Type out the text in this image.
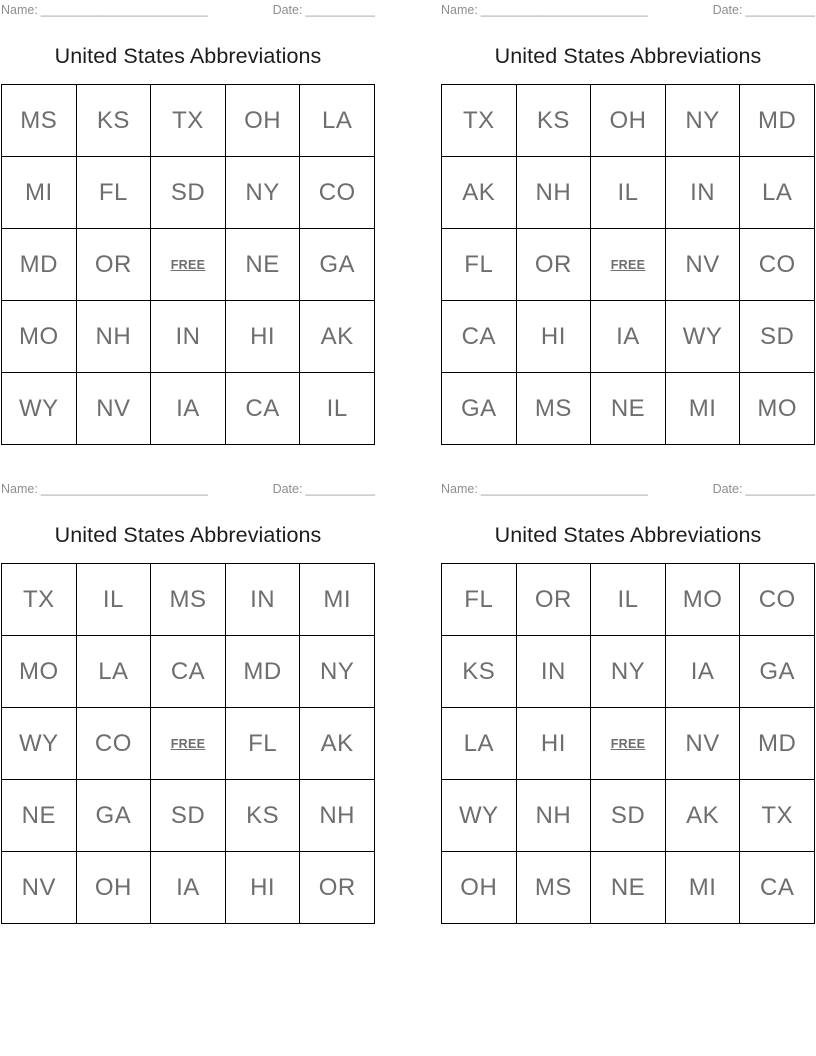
Name: ________________________	Date: __________
United States Abbreviations
MS	KS	TX	OH	LA
MI	FL	SD	NY	CO
MD	OR	FREE	NE	GA
MO	NH	IN	HI	AK
WY	NV	IA	CA	IL
Name: ________________________	Date: __________
United States Abbreviations
TX	KS	OH	NY	MD
AK	NH	IL	IN	LA
FL	OR	FREE	NV	CO
CA	HI	IA	WY	SD
GA	MS	NE	MI	MO
Name: ________________________	Date: __________
United States Abbreviations
TX	IL	MS	IN	MI
MO	LA	CA	MD	NY
WY	CO	FREE	FL	AK
NE	GA	SD	KS	NH
NV	OH	IA	HI	OR
Name: ________________________	Date: __________
United States Abbreviations
FL	OR	IL	MO	CO
KS	IN	NY	IA	GA
LA	HI	FREE	NV	MD
WY	NH	SD	AK	TX
OH	MS	NE	MI	CA
